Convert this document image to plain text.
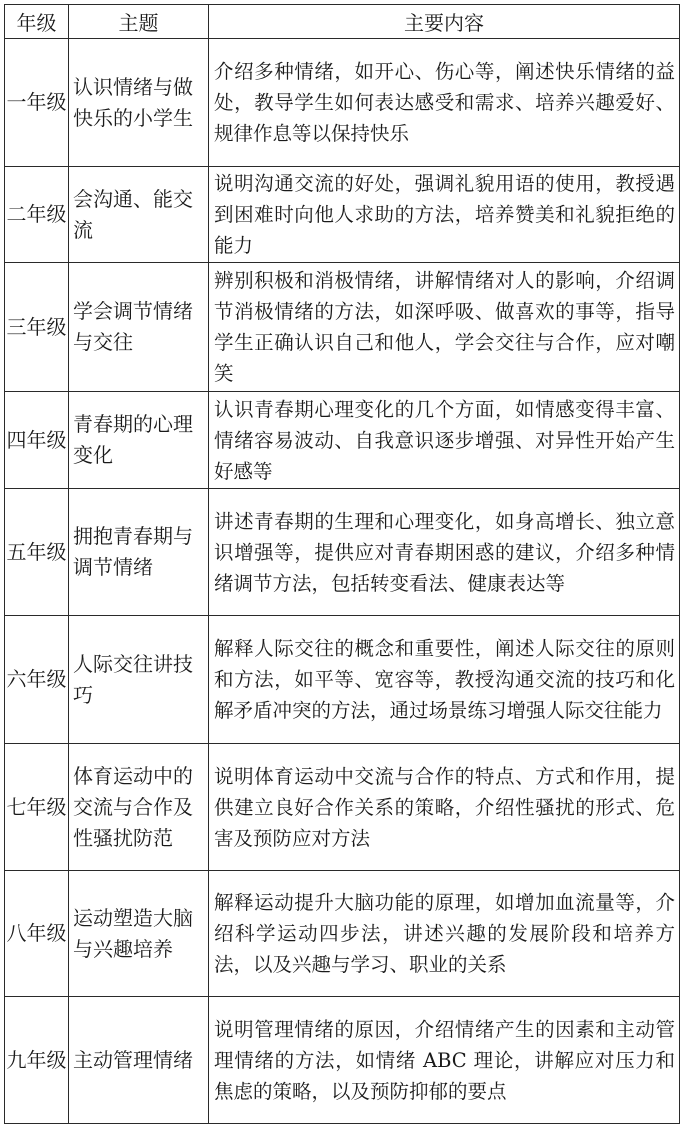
年级	主题	主要内容
一年级	认识情绪与做快乐的小学生	介绍多种情绪，如开心、伤心等，阐述快乐情绪的益处，教导学生如何表达感受和需求、培养兴趣爱好、规律作息等以保持快乐
二年级	会沟通、能交流	说明沟通交流的好处，强调礼貌用语的使用，教授遇到困难时向他人求助的方法，培养赞美和礼貌拒绝的能力
三年级	学会调节情绪与交往	辨别积极和消极情绪，讲解情绪对人的影响，介绍调节消极情绪的方法，如深呼吸、做喜欢的事等，指导学生正确认识自己和他人，学会交往与合作，应对嘲笑
四年级	青春期的心理变化	认识青春期心理变化的几个方面，如情感变得丰富、情绪容易波动、自我意识逐步增强、对异性开始产生好感等
五年级	拥抱青春期与调节情绪	讲述青春期的生理和心理变化，如身高增长、独立意识增强等，提供应对青春期困惑的建议，介绍多种情绪调节方法，包括转变看法、健康表达等
六年级	人际交往讲技巧	解释人际交往的概念和重要性，阐述人际交往的原则和方法，如平等、宽容等，教授沟通交流的技巧和化解矛盾冲突的方法，通过场景练习增强人际交往能力
七年级	体育运动中的交流与合作及性骚扰防范	说明体育运动中交流与合作的特点、方式和作用，提供建立良好合作关系的策略，介绍性骚扰的形式、危害及预防应对方法
八年级	运动塑造大脑与兴趣培养	解释运动提升大脑功能的原理，如增加血流量等，介绍科学运动四步法，讲述兴趣的发展阶段和培养方法，以及兴趣与学习、职业的关系
九年级	主动管理情绪	说明管理情绪的原因，介绍情绪产生的因素和主动管理情绪的方法，如情绪 ABC 理论，讲解应对压力和焦虑的策略，以及预防抑郁的要点
